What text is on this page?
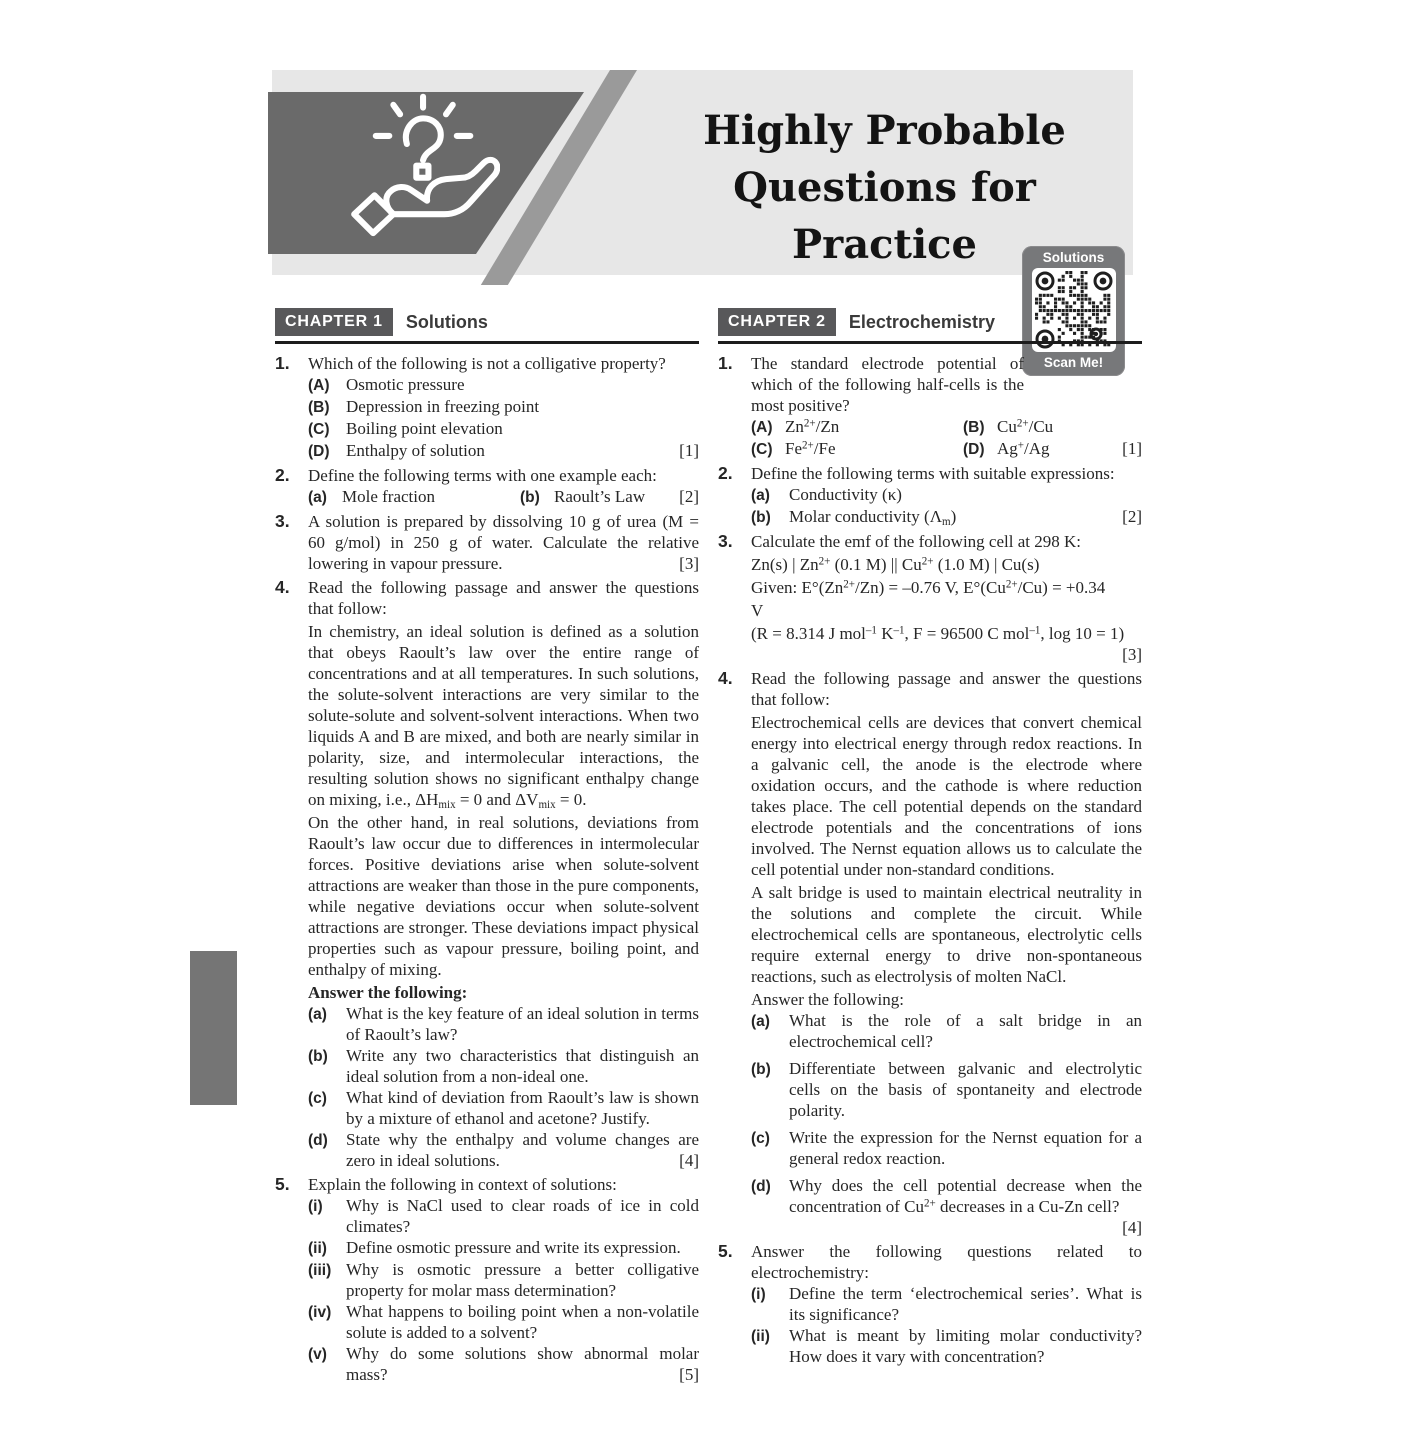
Highly Probable
Questions for Practice	Solutions
Scan Me!
CHAPTER 1	Solutions
1.	Which of the following is not a colligative property?
(A) Osmotic pressure
(B) Depression in freezing point
(C) Boiling point elevation
(D) Enthalpy of solution	[1]
2.	Define the following terms with one example each:
(a) Mole fraction	(b) Raoult’s Law [2]
3.	A solution is prepared by dissolving 10 g of urea (M = 60 g/mol) in 250 g of water. Calculate the relative lowering in vapour pressure.	[3]
4.	Read the following passage and answer the questions that follow:
In chemistry, an ideal solution is defined as a solution that obeys Raoult’s law over the entire range of concentrations and at all temperatures. In such solutions, the solute-solvent interactions are very similar to the solute-solute and solvent-solvent interactions. When two liquids A and B are mixed, and both are nearly similar in polarity, size, and intermolecular interactions, the resulting solution shows no significant enthalpy change on mixing, i.e., $\Delta H_{mix} = 0$ and $\Delta V_{mix} = 0$.
On the other hand, in real solutions, deviations from Raoult’s law occur due to differences in intermolecular forces. Positive deviations arise when solute-solvent attractions are weaker than those in the pure components, while negative deviations occur when solute-solvent attractions are stronger. These deviations impact physical properties such as vapour pressure, boiling point, and enthalpy of mixing.
Answer the following:
(a)	What is the key feature of an ideal solution in terms of Raoult’s law?
(b)	Write any two characteristics that distinguish an ideal solution from a non-ideal one.
(c)	What kind of deviation from Raoult’s law is shown by a mixture of ethanol and acetone? Justify.
(d)	State why the enthalpy and volume changes are zero in ideal solutions.	[4]
5.	Explain the following in context of solutions:
(i)	Why is NaCl used to clear roads of ice in cold climates?
(ii)	Define osmotic pressure and write its expression.
(iii) Why is osmotic pressure a better colligative property for molar mass determination?
(iv) What happens to boiling point when a non-volatile solute is added to a solvent?
(v)	Why do some solutions show abnormal molar mass?	[5]
CHAPTER 2	Electrochemistry
1.	The standard electrode potential of which of the following half-cells is the most positive?
(A) $Zn^{2+}/Zn$	(B) $Cu^{2+}/Cu$
(C) $Fe^{2+}/Fe$	(D) Ag+/Ag	[1]
2.	Define the following terms with suitable expressions:
(a)	Conductivity (κ)
(b)	Molar conductivity $(\Lambda_m)$	[2]
3.	Calculate the emf of the following cell at 298 K:
Zn(s) | $Zn^{2+}$ (0.1 M) || $Cu^{2+}$ (1.0 M) | Cu(s)
Given: $E^\circ(Zn^{2+}/Zn) = -0.76$ V, $E^\circ(Cu^{2+}/Cu) = +0.34$
V
(R = 8.314 J mol$^{-1}$ $K^{-1}$, F = 96500 C mol$^{-1}$, log 10 = 1)
[3]
4.	Read the following passage and answer the questions that follow:
Electrochemical cells are devices that convert chemical energy into electrical energy through redox reactions. In a galvanic cell, the anode is the electrode where oxidation occurs, and the cathode is where reduction takes place. The cell potential depends on the standard electrode potentials and the concentrations of ions involved. The Nernst equation allows us to calculate the cell potential under non-standard conditions.
A salt bridge is used to maintain electrical neutrality in the solutions and complete the circuit. While electrochemical cells are spontaneous, electrolytic cells require external energy to drive non-spontaneous reactions, such as electrolysis of molten NaCl.
Answer the following:
(a)	What is the role of a salt bridge in an electrochemical cell?
(b)	Differentiate between galvanic and electrolytic cells on the basis of spontaneity and electrode polarity.
(c)	Write the expression for the Nernst equation for a general redox reaction.
(d)	Why does the cell potential decrease when the concentration of $Cu^{2+}$ decreases in a Cu-Zn cell?
[4]
5.	Answer the following questions related to electrochemistry:
(i)	Define the term ‘electrochemical series’. What is its significance?
(ii)	What is meant by limiting molar conductivity? How does it vary with concentration?
